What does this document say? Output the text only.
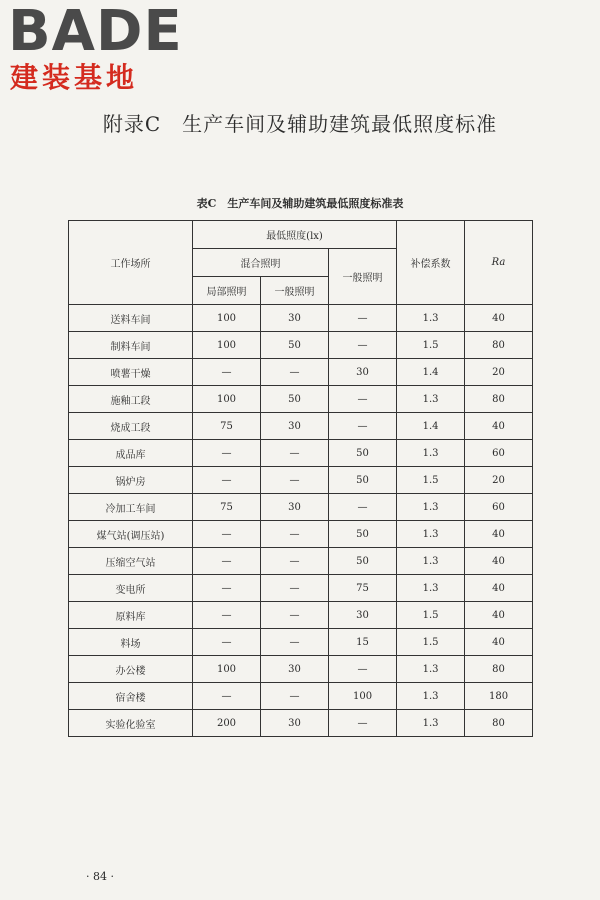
BADE
建装基地
附录C　生产车间及辅助建筑最低照度标准
表C　生产车间及辅助建筑最低照度标准表
工作场所	最低照度(lx)			补偿系数	Ra
	混合照明		一般照明		
	局部照明	一般照明			
送料车间	100	30	—	1.3	40
制料车间	100	50	—	1.5	80
喷薯干燥	—	—	30	1.4	20
施釉工段	100	50	—	1.3	80
烧成工段	75	30	—	1.4	40
成品库	—	—	50	1.3	60
锅炉房	—	—	50	1.5	20
冷加工车间	75	30	—	1.3	60
煤气站(调压站)	—	—	50	1.3	40
压缩空气站	—	—	50	1.3	40
变电所	—	—	75	1.3	40
原料库	—	—	30	1.5	40
料场	—	—	15	1.5	40
办公楼	100	30	—	1.3	80
宿舍楼	—	—	100	1.3	180
实验化验室	200	30	—	1.3	80
· 84 ·
